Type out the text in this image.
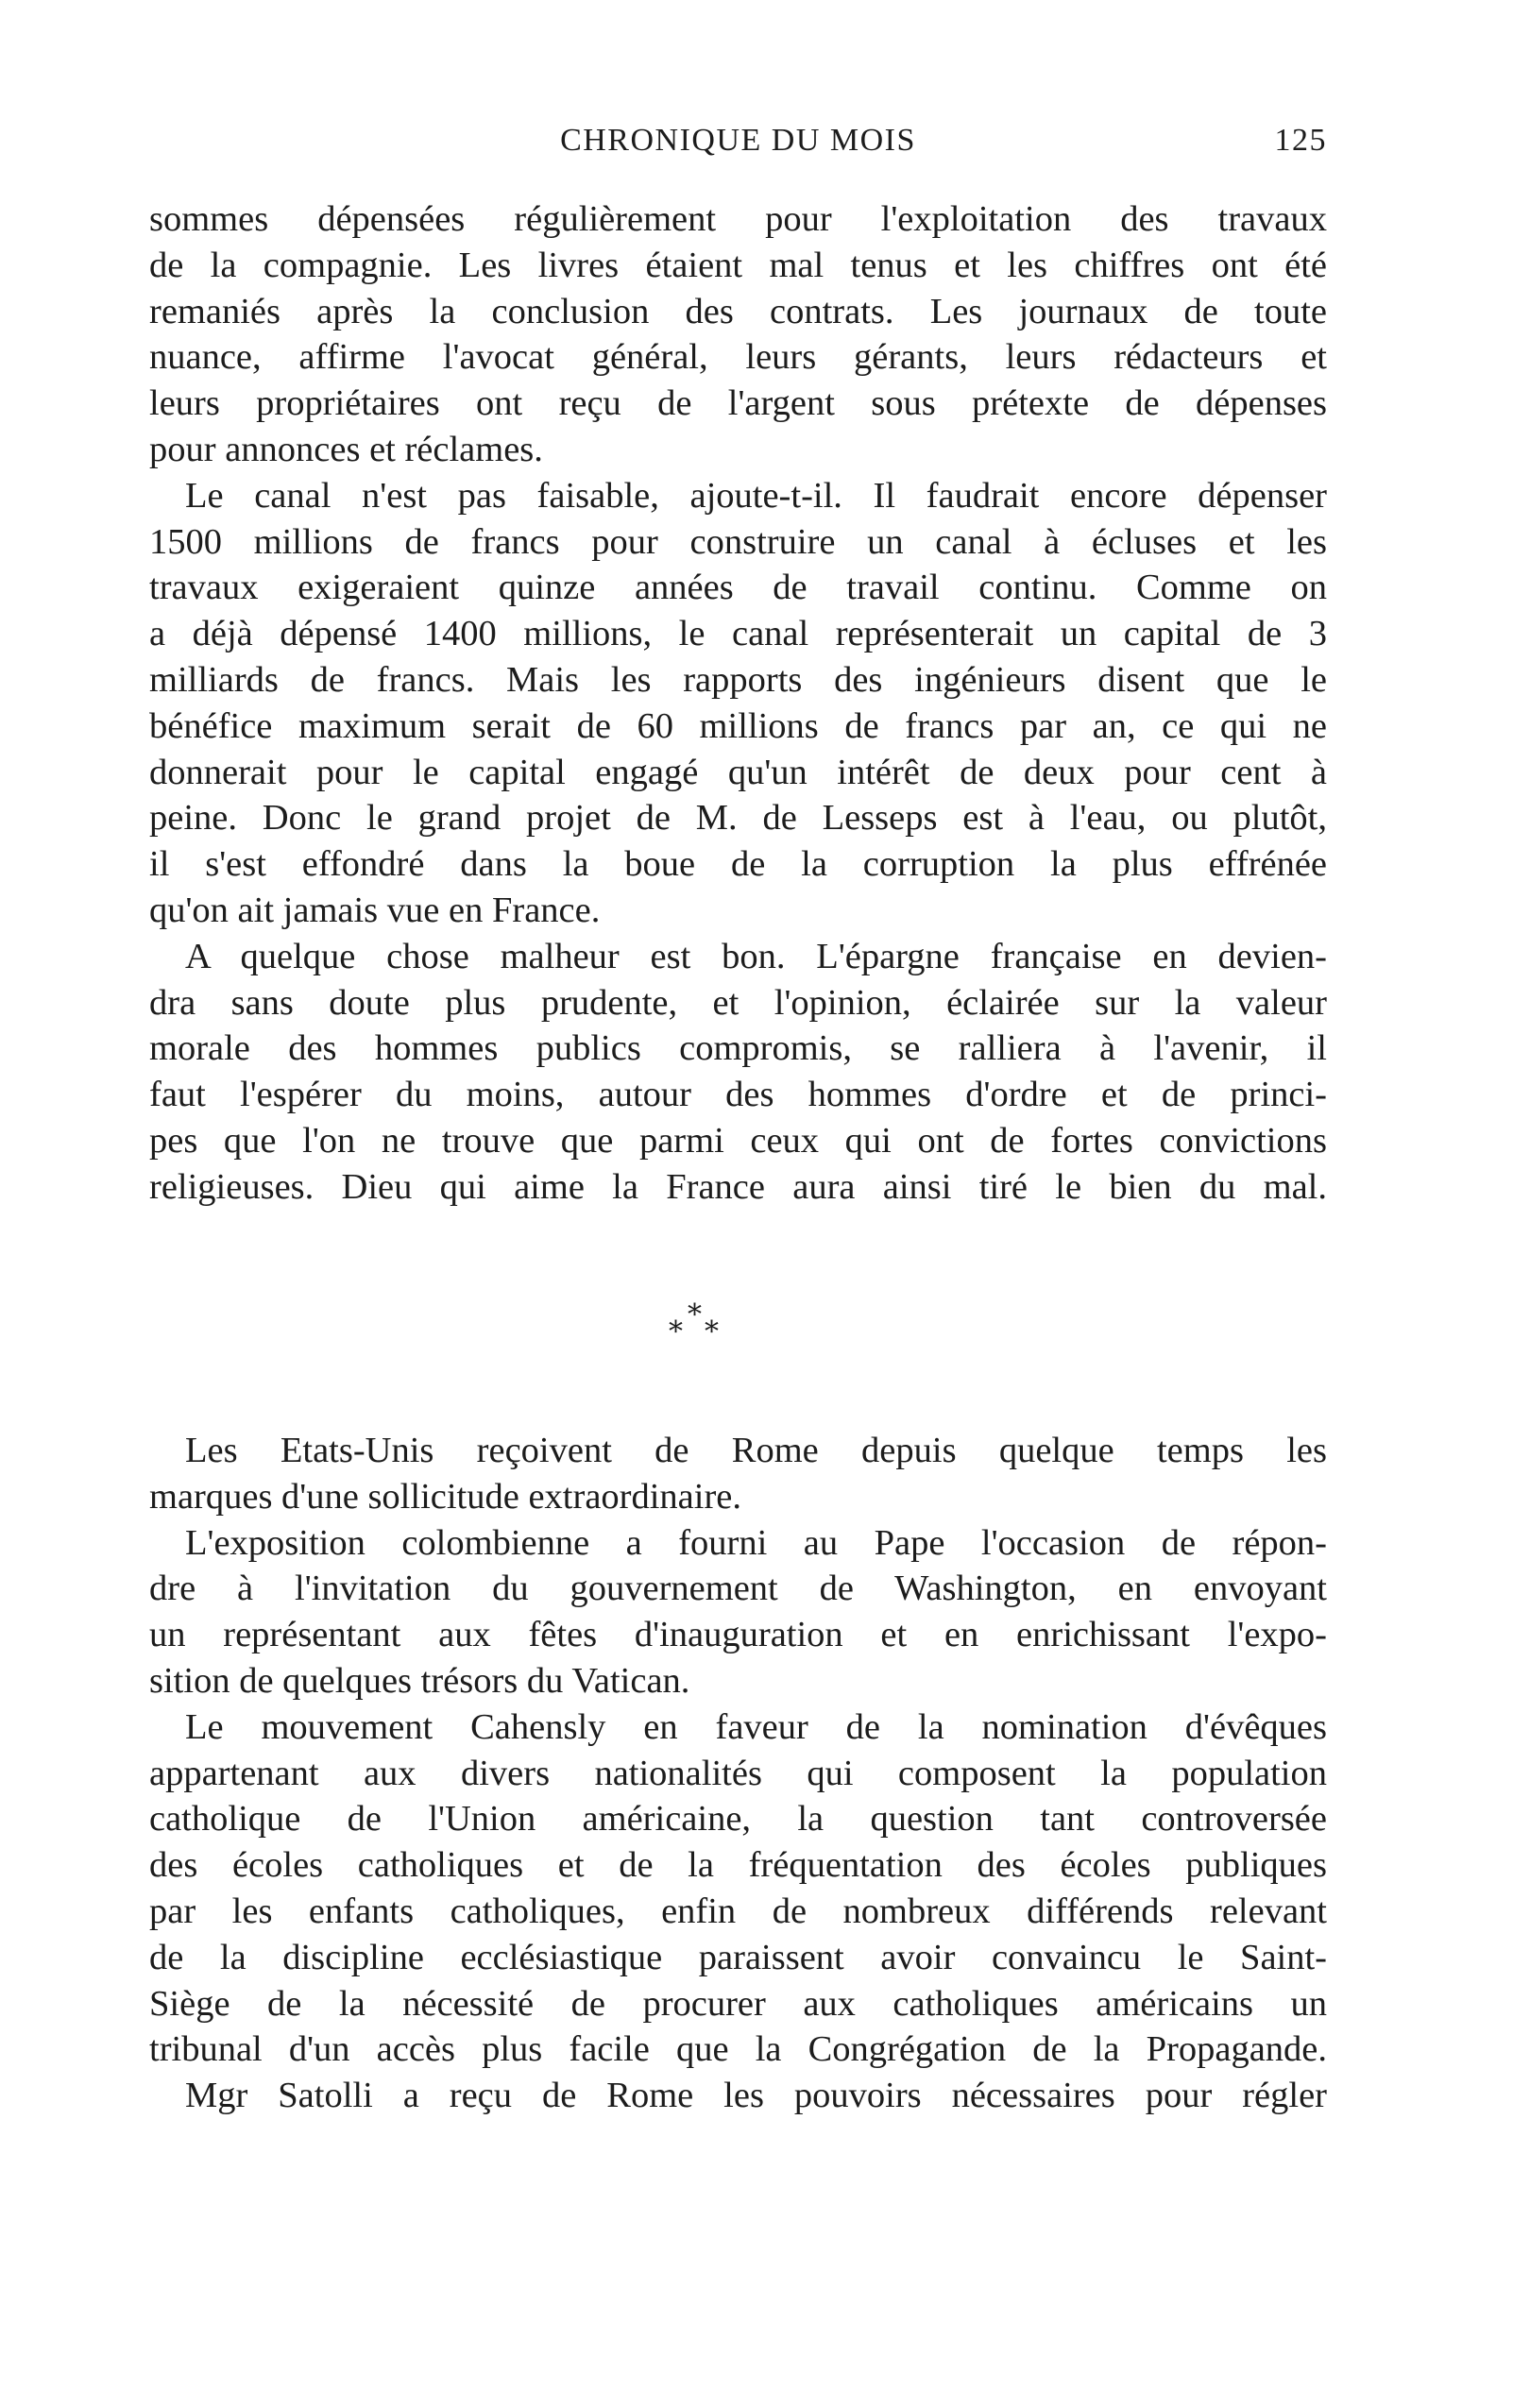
CHRONIQUE DU MOIS	125
sommes dépensées régulièrement pour l'exploitation des travaux
de la compagnie. Les livres étaient mal tenus et les chiffres ont été
remaniés après la conclusion des contrats. Les journaux de toute
nuance, affirme l'avocat général, leurs gérants, leurs rédacteurs et
leurs propriétaires ont reçu de l'argent sous prétexte de dépenses
pour annonces et réclames.
Le canal n'est pas faisable, ajoute-t-il. Il faudrait encore dépenser
1500 millions de francs pour construire un canal à écluses et les
travaux exigeraient quinze années de travail continu. Comme on
a déjà dépensé 1400 millions, le canal représenterait un capital de 3
milliards de francs. Mais les rapports des ingénieurs disent que le
bénéfice maximum serait de 60 millions de francs par an, ce qui ne
donnerait pour le capital engagé qu'un intérêt de deux pour cent à
peine. Donc le grand projet de M. de Lesseps est à l'eau, ou plutôt,
il s'est effondré dans la boue de la corruption la plus effrénée
qu'on ait jamais vue en France.
A quelque chose malheur est bon. L'épargne française en devien-
dra sans doute plus prudente, et l'opinion, éclairée sur la valeur
morale des hommes publics compromis, se ralliera à l'avenir, il
faut l'espérer du moins, autour des hommes d'ordre et de princi-
pes que l'on ne trouve que parmi ceux qui ont de fortes convictions
religieuses. Dieu qui aime la France aura ainsi tiré le bien du mal.
*
* *
Les Etats-Unis reçoivent de Rome depuis quelque temps les
marques d'une sollicitude extraordinaire.
L'exposition colombienne a fourni au Pape l'occasion de répon-
dre à l'invitation du gouvernement de Washington, en envoyant
un représentant aux fêtes d'inauguration et en enrichissant l'expo-
sition de quelques trésors du Vatican.
Le mouvement Cahensly en faveur de la nomination d'évêques
appartenant aux divers nationalités qui composent la population
catholique de l'Union américaine, la question tant controversée
des écoles catholiques et de la fréquentation des écoles publiques
par les enfants catholiques, enfin de nombreux différends relevant
de la discipline ecclésiastique paraissent avoir convaincu le Saint-
Siège de la nécessité de procurer aux catholiques américains un
tribunal d'un accès plus facile que la Congrégation de la Propagande.
Mgr Satolli a reçu de Rome les pouvoirs nécessaires pour régler
